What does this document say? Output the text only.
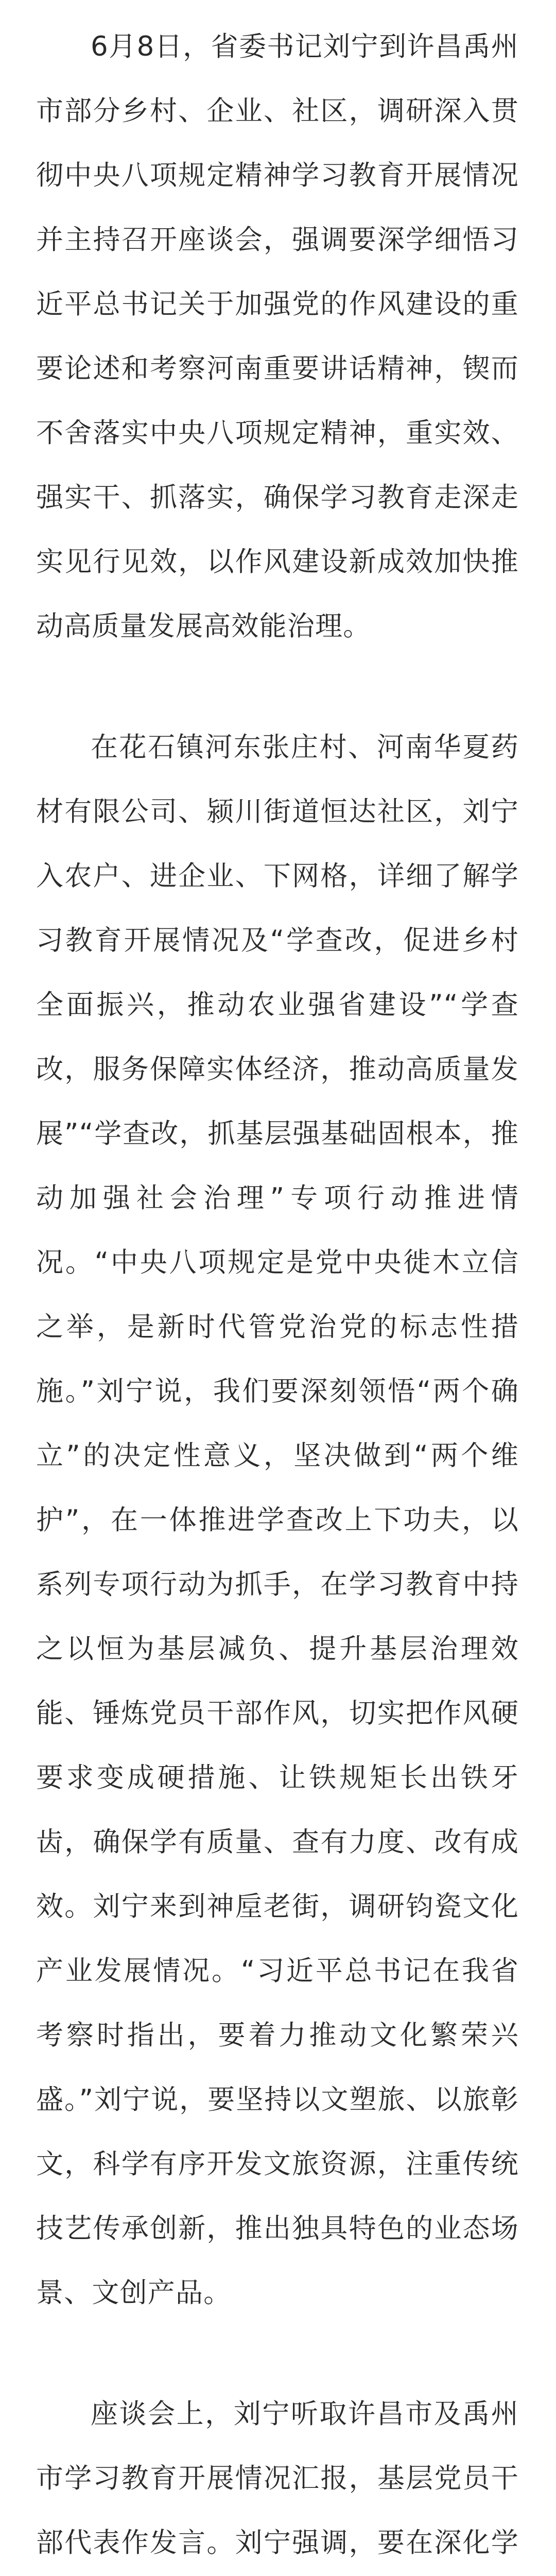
6月8日，省委书记刘宁到许昌禹州市部分乡村、企业、社区，调研深入贯彻中央八项规定精神学习教育开展情况并主持召开座谈会，强调要深学细悟习近平总书记关于加强党的作风建设的重要论述和考察河南重要讲话精神，锲而不舍落实中央八项规定精神，重实效、强实干、抓落实，确保学习教育走深走实见行见效，以作风建设新成效加快推动高质量发展高效能治理。

在花石镇河东张庄村、河南华夏药材有限公司、颍川街道恒达社区，刘宁入农户、进企业、下网格，详细了解学习教育开展情况及“学查改，促进乡村全面振兴，推动农业强省建设”“学查改，服务保障实体经济，推动高质量发展”“学查改，抓基层强基础固根本，推动加强社会治理”专项行动推进情况。“中央八项规定是党中央徙木立信之举，是新时代管党治党的标志性措施。”刘宁说，我们要深刻领悟“两个确立”的决定性意义，坚决做到“两个维护”，在一体推进学查改上下功夫，以系列专项行动为抓手，在学习教育中持之以恒为基层减负、提升基层治理效能、锤炼党员干部作风，切实把作风硬要求变成硬措施、让铁规矩长出铁牙齿，确保学有质量、查有力度、改有成效。刘宁来到神垕老街，调研钧瓷文化产业发展情况。“习近平总书记在我省考察时指出，要着力推动文化繁荣兴盛。”刘宁说，要坚持以文塑旅、以旅彰文，科学有序开发文旅资源，注重传统技艺传承创新，推出独具特色的业态场景、文创产品。

座谈会上，刘宁听取许昌市及禹州市学习教育开展情况汇报，基层党员干部代表作发言。刘宁强调，要在深化学
